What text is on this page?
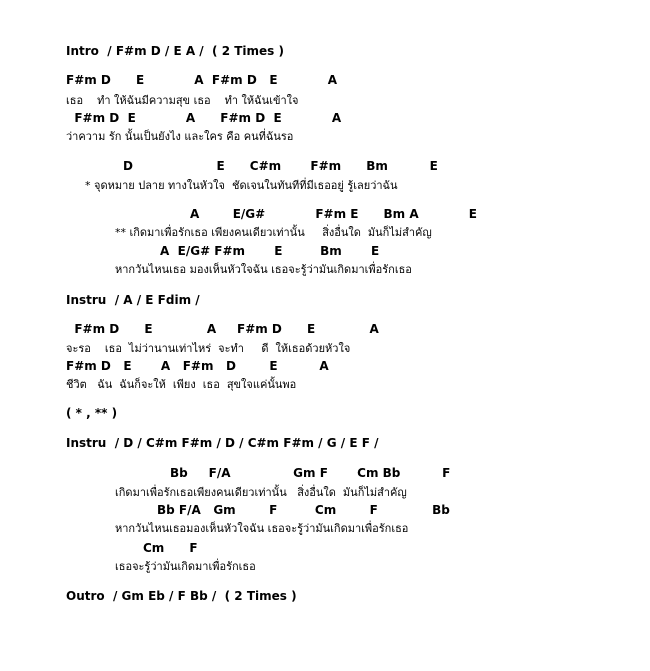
Intro  / F#m D / E A /  ( 2 Times )
F#m D      E            A  F#m D   E            A
เธอ    ทำ ให้ฉันมีความสุข เธอ    ทำ ให้ฉันเข้าใจ
F#m D  E            A      F#m D  E            A
ว่าความ รัก นั้นเป็นยังไง และใคร คือ คนที่ฉันรอ
D                    E      C#m       F#m      Bm          E
* จุดหมาย ปลาย ทางในหัวใจ  ชัดเจนในทันทีที่มีเธออยู่ รู้เลยว่าฉัน
A        E/G#            F#m E      Bm A            E
** เกิดมาเพื่อรักเธอ เพียงคนเดียวเท่านั้น     สิ่งอื่นใด  มันก็ไม่สำคัญ
A  E/G# F#m       E         Bm       E
หากวันไหนเธอ มองเห็นหัวใจฉัน เธอจะรู้ว่ามันเกิดมาเพื่อรักเธอ
Instru  / A / E Fdim /
F#m D      E             A     F#m D      E             A
จะรอ    เธอ  ไม่ว่านานเท่าไหร่  จะทำ     ดี  ให้เธอด้วยหัวใจ
F#m D   E       A   F#m   D        E          A
ชีวิต   ฉัน  ฉันก็จะให้  เพียง  เธอ  สุขใจแค่นั้นพอ
( * , ** )
Instru  / D / C#m F#m / D / C#m F#m / G / E F /
Bb     F/A               Gm F       Cm Bb          F
เกิดมาเพื่อรักเธอเพียงคนเดียวเท่านั้น   สิ่งอื่นใด  มันก็ไม่สำคัญ
Bb F/A   Gm        F         Cm        F             Bb
หากวันไหนเธอมองเห็นหัวใจฉัน เธอจะรู้ว่ามันเกิดมาเพื่อรักเธอ
Cm      F
เธอจะรู้ว่ามันเกิดมาเพื่อรักเธอ
Outro  / Gm Eb / F Bb /  ( 2 Times )
